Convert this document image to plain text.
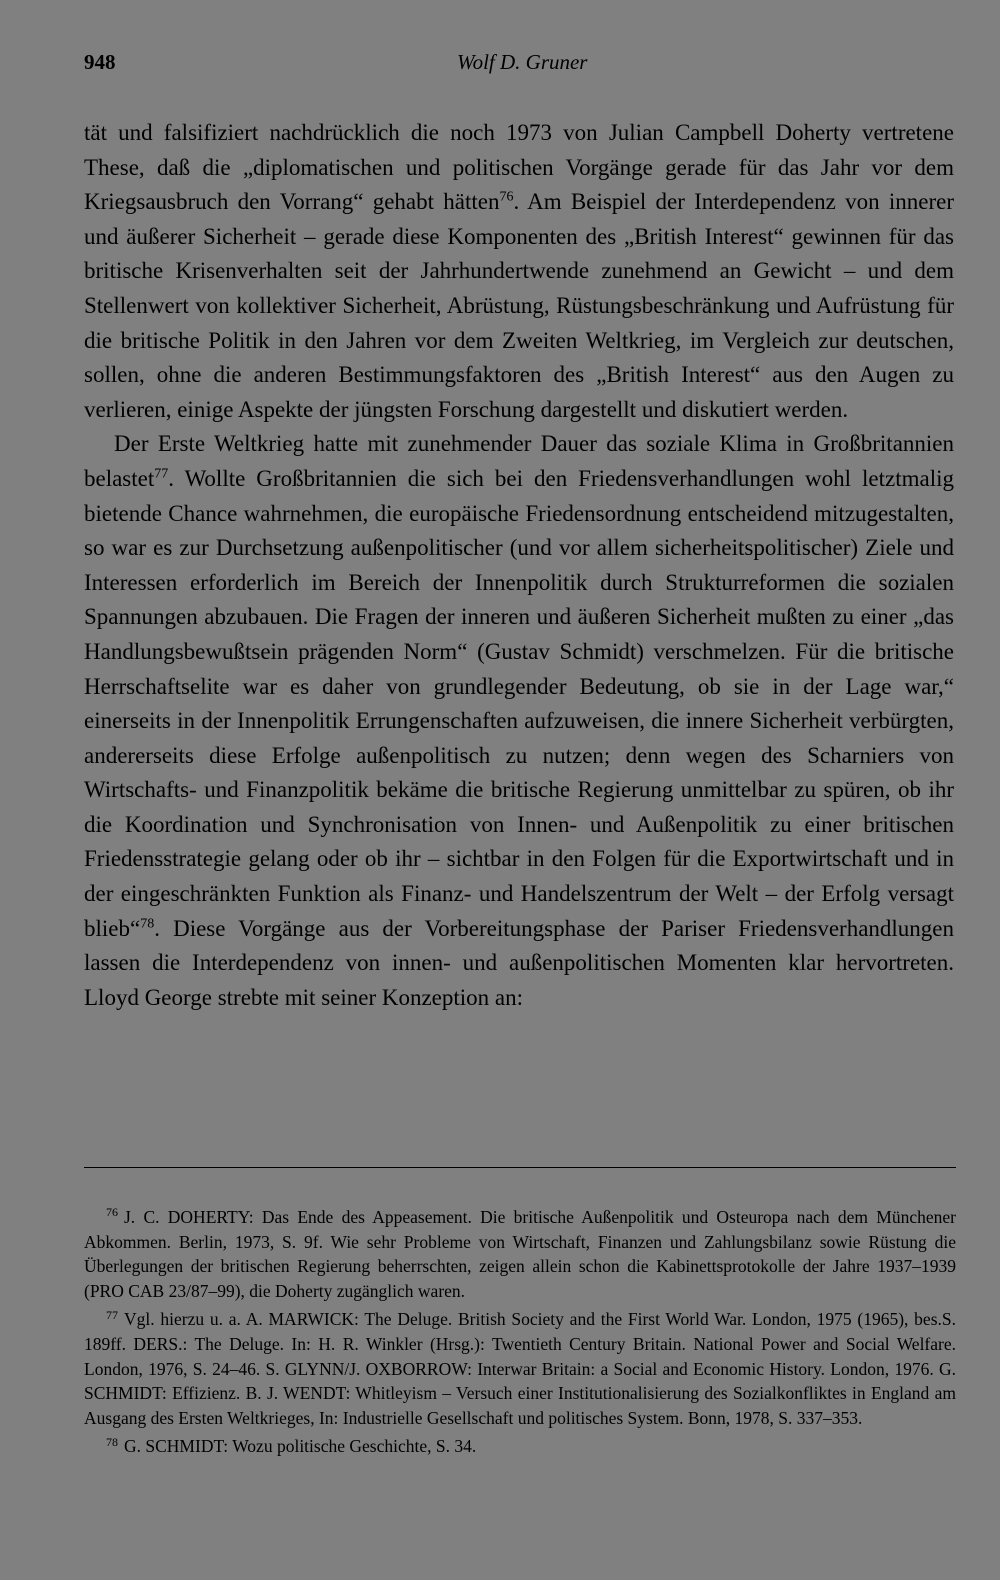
948	Wolf D. Gruner

tät und falsifiziert nachdrücklich die noch 1973 von Julian Campbell Doherty vertretene These, daß die „diplomatischen und politischen Vorgänge gerade für das Jahr vor dem Kriegsausbruch den Vorrang“ gehabt hätten$^{76}$. Am Beispiel der Interdependenz von innerer und äußerer Sicherheit – gerade diese Komponenten des „British Interest“ gewinnen für das britische Krisenverhalten seit der Jahrhundertwende zunehmend an Gewicht – und dem Stellenwert von kollektiver Sicherheit, Abrüstung, Rüstungsbeschränkung und Aufrüstung für die britische Politik in den Jahren vor dem Zweiten Weltkrieg, im Vergleich zur deutschen, sollen, ohne die anderen Bestimmungsfaktoren des „British Interest“ aus den Augen zu verlieren, einige Aspekte der jüngsten Forschung dargestellt und diskutiert werden.

Der Erste Weltkrieg hatte mit zunehmender Dauer das soziale Klima in Großbritannien belastet$^{77}$. Wollte Großbritannien die sich bei den Friedensverhandlungen wohl letztmalig bietende Chance wahrnehmen, die europäische Friedensordnung entscheidend mitzugestalten, so war es zur Durchsetzung außenpolitischer (und vor allem sicherheitspolitischer) Ziele und Interessen erforderlich im Bereich der Innenpolitik durch Strukturreformen die sozialen Spannungen abzubauen. Die Fragen der inneren und äußeren Sicherheit mußten zu einer „das Handlungsbewußtsein prägenden Norm“ (Gustav Schmidt) verschmelzen. Für die britische Herrschaftselite war es daher von grundlegender Bedeutung, ob sie in der Lage war,“ einerseits in der Innenpolitik Errungenschaften aufzuweisen, die innere Sicherheit verbürgten, andererseits diese Erfolge außenpolitisch zu nutzen; denn wegen des Scharniers von Wirtschafts- und Finanzpolitik bekäme die britische Regierung unmittelbar zu spüren, ob ihr die Koordination und Synchronisation von Innen- und Außenpolitik zu einer britischen Friedensstrategie gelang oder ob ihr – sichtbar in den Folgen für die Exportwirtschaft und in der eingeschränkten Funktion als Finanz- und Handelszentrum der Welt – der Erfolg versagt blieb“$^{78}$. Diese Vorgänge aus der Vorbereitungsphase der Pariser Friedensverhandlungen lassen die Interdependenz von innen- und außenpolitischen Momenten klar hervortreten. Lloyd George strebte mit seiner Konzeption an:

$^{76}$ J. C. DOHERTY: Das Ende des Appeasement. Die britische Außenpolitik und Osteuropa nach dem Münchener Abkommen. Berlin, 1973, S. 9f. Wie sehr Probleme von Wirtschaft, Finanzen und Zahlungsbilanz sowie Rüstung die Überlegungen der britischen Regierung beherrschten, zeigen allein schon die Kabinettsprotokolle der Jahre 1937–1939 (PRO CAB 23/87–99), die Doherty zugänglich waren.

$^{77}$ Vgl. hierzu u. a. A. MARWICK: The Deluge. British Society and the First World War. London, 1975 (1965), bes.S. 189ff. DERS.: The Deluge. In: H. R. Winkler (Hrsg.): Twentieth Century Britain. National Power and Social Welfare. London, 1976, S. 24–46. S. GLYNN/J. OXBORROW: Interwar Britain: a Social and Economic History. London, 1976. G. SCHMIDT: Effizienz. B. J. WENDT: Whitleyism – Versuch einer Institutionalisierung des Sozialkonfliktes in England am Ausgang des Ersten Weltkrieges, In: Industrielle Gesellschaft und politisches System. Bonn, 1978, S. 337–353.

$^{78}$ G. SCHMIDT: Wozu politische Geschichte, S. 34.
